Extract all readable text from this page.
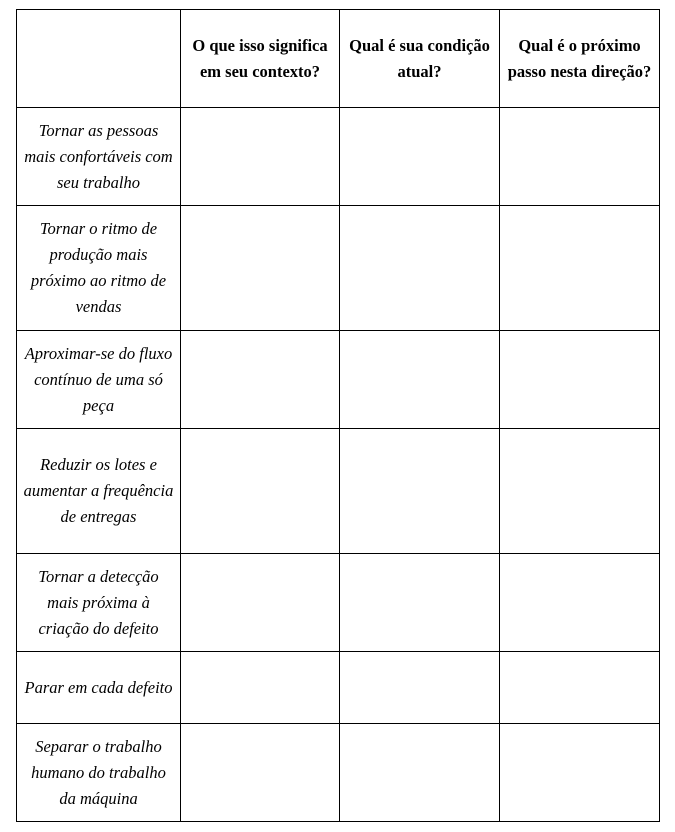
	O que isso significa em seu contexto?	Qual é sua condição atual?	Qual é o próximo passo nesta direção?
Tornar as pessoas mais confortáveis com seu trabalho			
Tornar o ritmo de produção mais próximo ao ritmo de vendas			
Aproximar-se do fluxo contínuo de uma só peça			
Reduzir os lotes e aumentar a frequência de entregas			
Tornar a detecção mais próxima à criação do defeito			
Parar em cada defeito			
Separar o trabalho humano do trabalho da máquina			
